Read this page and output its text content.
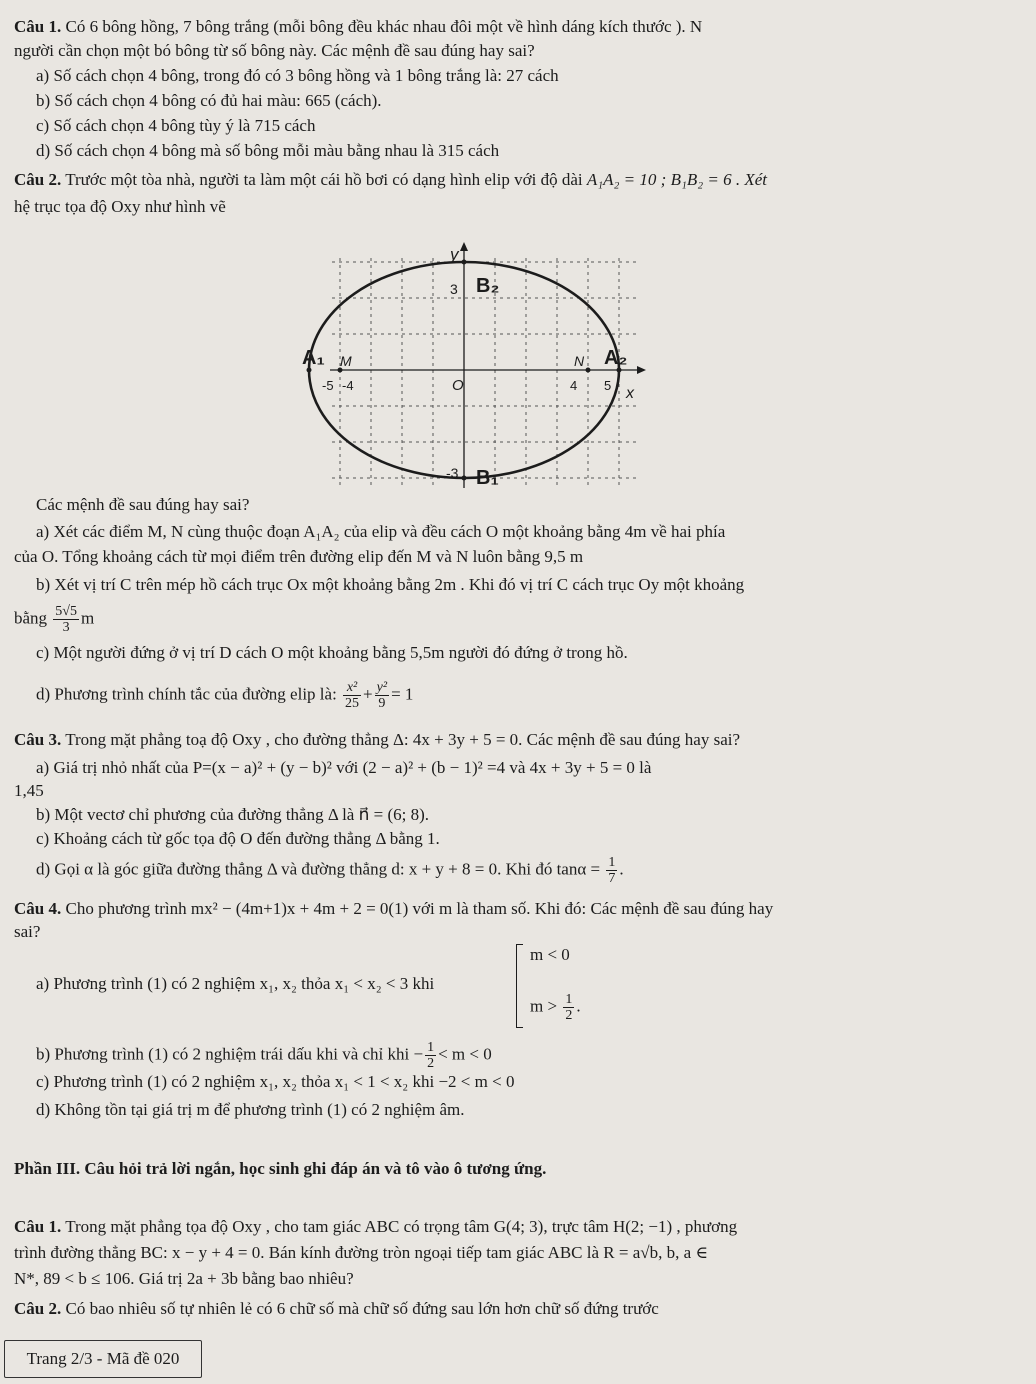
Câu 1. Có 6 bông hồng, 7 bông trắng (mỗi bông đều khác nhau đôi một về hình dáng kích thước ). N
người cần chọn một bó bông từ số bông này. Các mệnh đề sau đúng hay sai?
a) Số cách chọn 4 bông, trong đó có 3 bông hồng và 1 bông trắng là: 27 cách
b) Số cách chọn 4 bông có đủ hai màu: 665 (cách).
c) Số cách chọn 4 bông tùy ý là 715 cách
d) Số cách chọn 4 bông mà số bông mỗi màu bằng nhau là 315 cách
Câu 2. Trước một tòa nhà, người ta làm một cái hồ bơi có dạng hình elip với độ dài A₁A₂ = 10 ; B₁B₂ = 6 . Xét
hệ trục tọa độ Oxy như hình vẽ
y
x
3 B₂
-3 B₁
A₁	A₂
M	N
O
-5 -4	4 5
Các mệnh đề sau đúng hay sai?
a) Xét các điểm M, N cùng thuộc đoạn A₁A₂ của elip và đều cách O một khoảng bằng 4m về hai phía
của O. Tổng khoảng cách từ mọi điểm trên đường elip đến M và N luôn bằng 9,5 m
b) Xét vị trí C trên mép hồ cách trục Ox một khoảng bằng 2m . Khi đó vị trí C cách trục Oy một khoảng
bằng $\frac{5√5}{3}$ m
c) Một người đứng ở vị trí D cách O một khoảng bằng 5,5m người đó đứng ở trong hồ.
d) Phương trình chính tắc của đường elip là: $\frac{\text{x²}}{25} + \frac{\text{y²}}{9} = 1$
Câu 3. Trong mặt phẳng toạ độ Oxy , cho đường thẳng Δ: 4x + 3y + 5 = 0. Các mệnh đề sau đúng hay sai?
a) Giá trị nhỏ nhất của P=(x − a)² + (y − b)² với (2 − a)² + (b − 1)² =4 và 4x + 3y + 5 = 0 là
1,45
b) Một vectơ chỉ phương của đường thẳng Δ là n⃗ = (6; 8).
c) Khoảng cách từ gốc tọa độ O đến đường thẳng Δ bằng 1.
d) Gọi α là góc giữa đường thẳng Δ và đường thẳng d: x + y + 8 = 0. Khi đó $\tan\alpha = \frac{1}{7}$ .
Câu 4. Cho phương trình mx² − (4m+1)x + 4m + 2 = 0(1) với m là tham số. Khi đó: Các mệnh đề sau đúng hay
sai?
a) Phương trình (1) có 2 nghiệm x₁, x₂ thỏa x₁ < x₂ < 3 khi
m < 0
$m > \frac{1}{2}$ .
b) Phương trình (1) có 2 nghiệm trái dấu khi và chỉ khi − $\frac{1}{2} < m < 0$
c) Phương trình (1) có 2 nghiệm x₁, x₂ thỏa x₁ < 1 < x₂ khi −2 < m < 0
d) Không tồn tại giá trị m để phương trình (1) có 2 nghiệm âm.
Phần III. Câu hỏi trả lời ngắn, học sinh ghi đáp án và tô vào ô tương ứng.
Câu 1. Trong mặt phẳng tọa độ Oxy , cho tam giác ABC có trọng tâm G(4; 3), trực tâm H(2; −1) , phương
trình đường thẳng BC: x − y + 4 = 0. Bán kính đường tròn ngoại tiếp tam giác ABC là R = a√b, b, a ∈
N*, 89 < b ≤ 106. Giá trị 2a + 3b bằng bao nhiêu?
Câu 2. Có bao nhiêu số tự nhiên lẻ có 6 chữ số mà chữ số đứng sau lớn hơn chữ số đứng trước
Trang 2/3 - Mã đề 020
